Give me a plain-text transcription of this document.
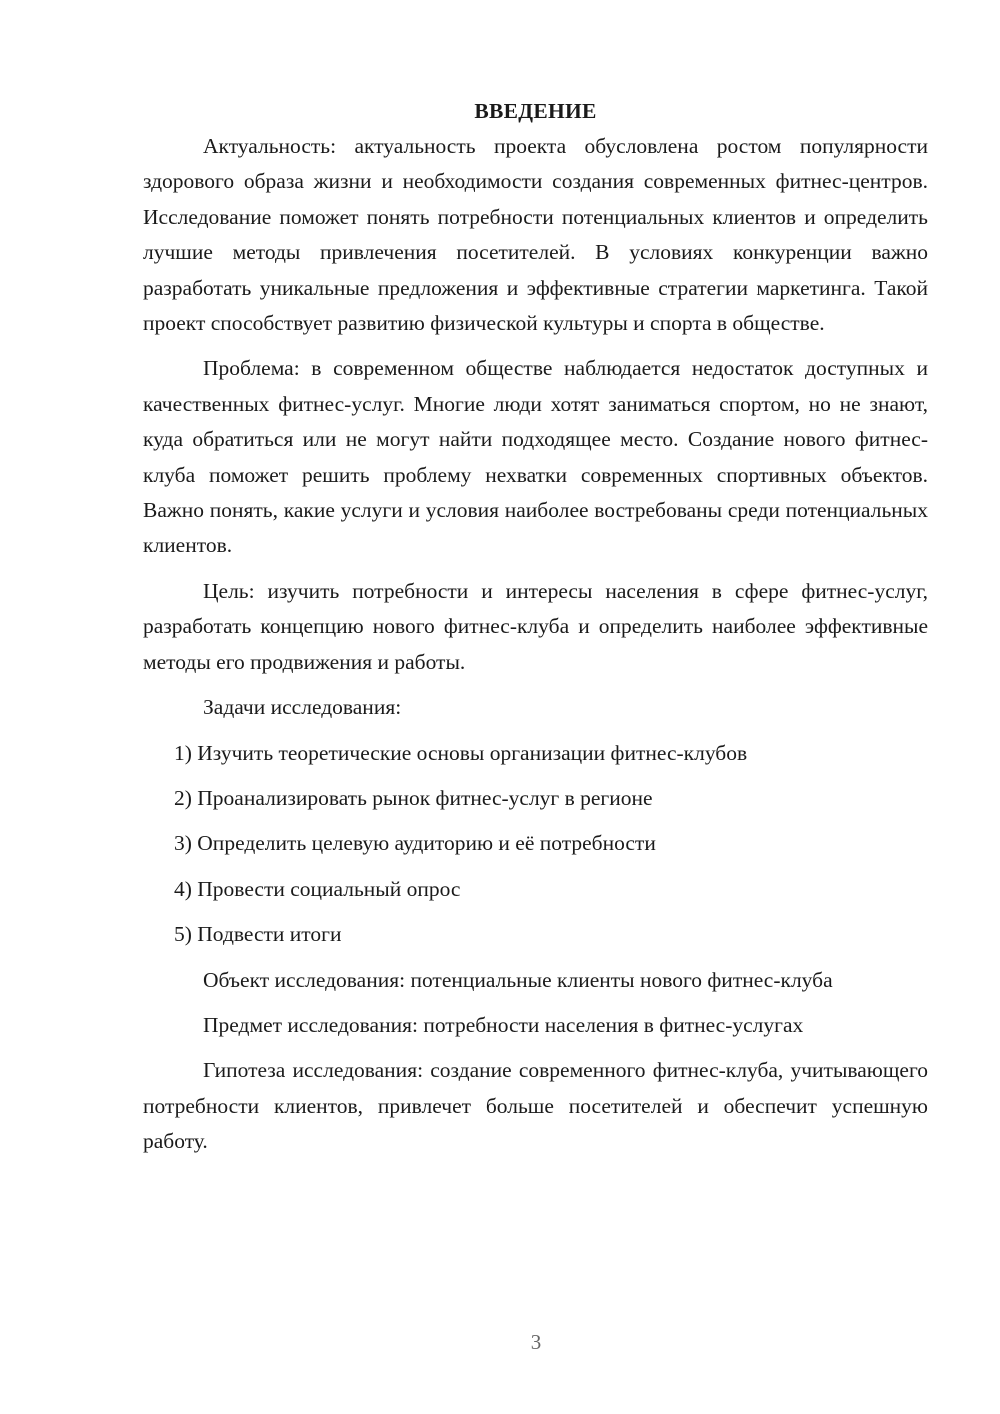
ВВЕДЕНИЕ

Актуальность: актуальность проекта обусловлена ростом популярности здорового образа жизни и необходимости создания современных фитнес-центров. Исследование поможет понять потребности потенциальных клиентов и определить лучшие методы привлечения посетителей. В условиях конкуренции важно разработать уникальные предложения и эффективные стратегии маркетинга. Такой проект способствует развитию физической культуры и спорта в обществе.

Проблема: в современном обществе наблюдается недостаток доступных и качественных фитнес-услуг. Многие люди хотят заниматься спортом, но не знают, куда обратиться или не могут найти подходящее место. Создание нового фитнес-клуба поможет решить проблему нехватки современных спортивных объектов. Важно понять, какие услуги и условия наиболее востребованы среди потенциальных клиентов.

Цель: изучить потребности и интересы населения в сфере фитнес-услуг, разработать концепцию нового фитнес-клуба и определить наиболее эффективные методы его продвижения и работы.

Задачи исследования:

1) Изучить теоретические основы организации фитнес-клубов
2) Проанализировать рынок фитнес-услуг в регионе
3) Определить целевую аудиторию и её потребности
4) Провести социальный опрос
5) Подвести итоги

Объект исследования: потенциальные клиенты нового фитнес-клуба

Предмет исследования: потребности населения в фитнес-услугах

Гипотеза исследования: создание современного фитнес-клуба, учитывающего потребности клиентов, привлечет больше посетителей и обеспечит успешную работу.

3
